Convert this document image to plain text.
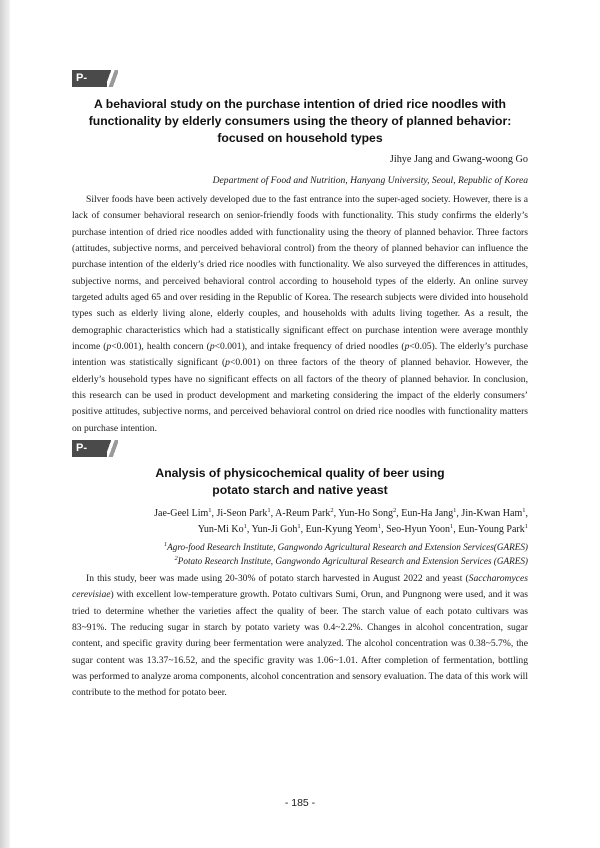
P-105
A behavioral study on the purchase intention of dried rice noodles with
functionality by elderly consumers using the theory of planned behavior:
focused on household types
Jihye Jang and Gwang-woong Go
Department of Food and Nutrition, Hanyang University, Seoul, Republic of Korea

Silver foods have been actively developed due to the fast entrance into the super-aged society. However, there is a lack of consumer behavioral research on senior-friendly foods with functionality. This study confirms the elderly’s purchase intention of dried rice noodles added with functionality using the theory of planned behavior. Three factors (attitudes, subjective norms, and perceived behavioral control) from the theory of planned behavior can influence the purchase intention of the elderly’s dried rice noodles with functionality. We also surveyed the differences in attitudes, subjective norms, and perceived behavioral control according to household types of the elderly. An online survey targeted adults aged 65 and over residing in the Republic of Korea. The research subjects were divided into household types such as elderly living alone, elderly couples, and households with adults living together. As a result, the demographic characteristics which had a statistically significant effect on purchase intention were average monthly income (p<0.001), health concern (p<0.001), and intake frequency of dried noodles (p<0.05). The elderly’s purchase intention was statistically significant (p<0.001) on three factors of the theory of planned behavior. However, the elderly’s household types have no significant effects on all factors of the theory of planned behavior. In conclusion, this research can be used in product development and marketing considering the impact of the elderly consumers’ positive attitudes, subjective norms, and perceived behavioral control on dried rice noodles with functionality matters on purchase intention.

P-106
Analysis of physicochemical quality of beer using
potato starch and native yeast
Jae-Geel Lim$^1$, Ji-Seon Park$^1$, A-Reum Park$^2$, Yun-Ho Song$^2$, Eun-Ha Jang$^1$, Jin-Kwan Ham$^1$,
Yun-Mi Ko$^1$, Yun-Ji Goh$^1$, Eun-Kyung Yeom$^1$, Seo-Hyun Yoon$^1$, Eun-Young Park$^1$
$^1$Agro-food Research Institute, Gangwondo Agricultural Research and Extension Services(GARES)
$^2$Potato Research Institute, Gangwondo Agricultural Research and Extension Services (GARES)

In this study, beer was made using 20-30% of potato starch harvested in August 2022 and yeast (Saccharomyces cerevisiae) with excellent low-temperature growth. Potato cultivars Sumi, Orun, and Pungnong were used, and it was tried to determine whether the varieties affect the quality of beer. The starch value of each potato cultivars was 83~91%. The reducing sugar in starch by potato variety was 0.4~2.2%. Changes in alcohol concentration, sugar content, and specific gravity during beer fermentation were analyzed. The alcohol concentration was 0.38~5.7%, the sugar content was 13.37~16.52, and the specific gravity was 1.06~1.01. After completion of fermentation, bottling was performed to analyze aroma components, alcohol concentration and sensory evaluation. The data of this work will contribute to the method for potato beer.

- 185 -
